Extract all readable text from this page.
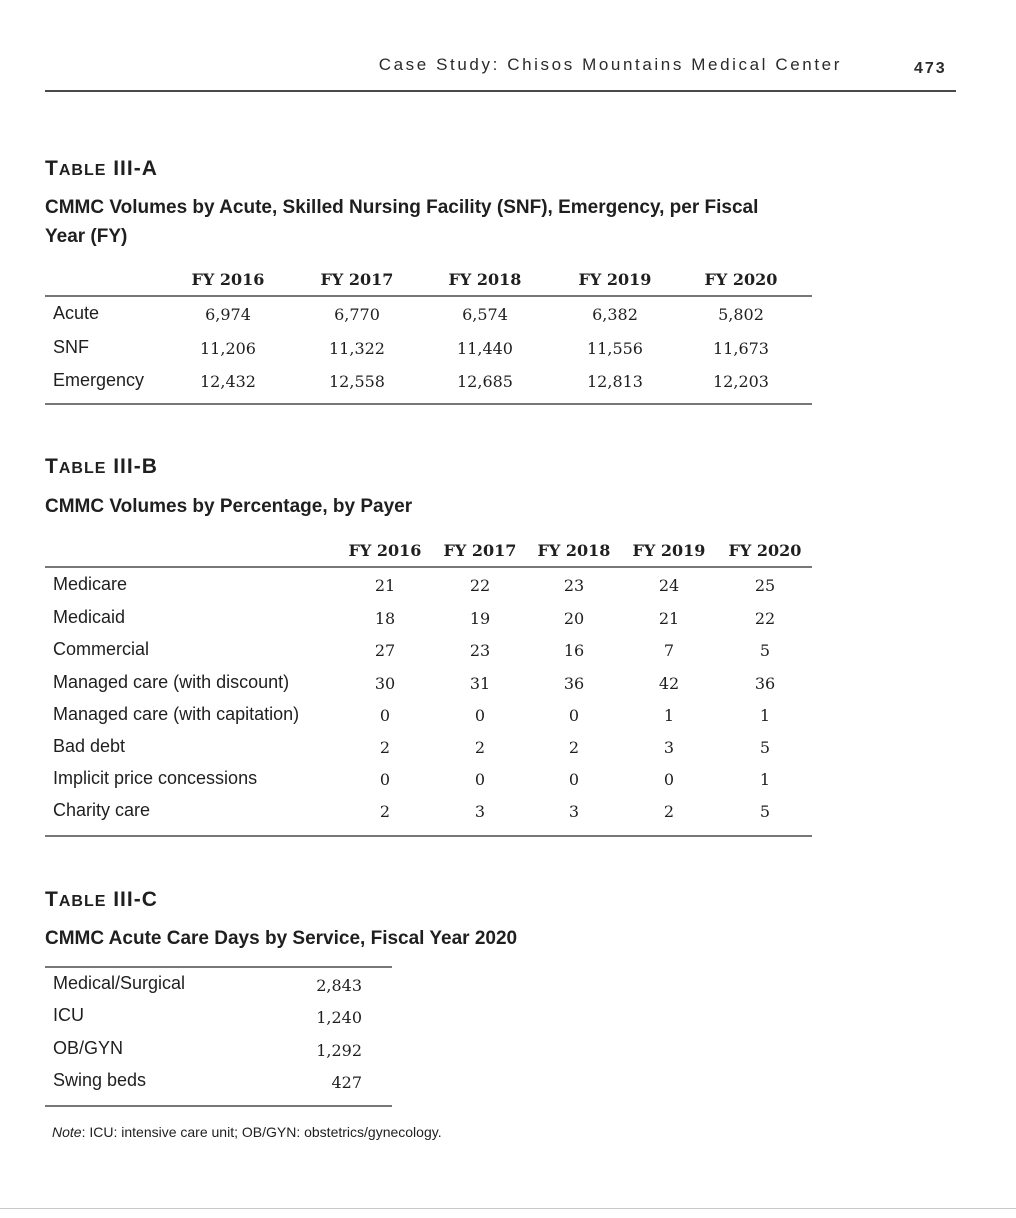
Case Study: Chisos Mountains Medical Center	473
TABLE III-A
CMMC Volumes by Acute, Skilled Nursing Facility (SNF), Emergency, per Fiscal
Year (FY)
FY 2016	FY 2017	FY 2018	FY 2019	FY 2020
Acute	6,974	6,770	6,574	6,382	5,802
SNF	11,206	11,322	11,440	11,556	11,673
Emergency	12,432	12,558	12,685	12,813	12,203
TABLE III-B
CMMC Volumes by Percentage, by Payer
FY 2016	FY 2017	FY 2018	FY 2019	FY 2020
Medicare	21	22	23	24	25
Medicaid	18	19	20	21	22
Commercial	27	23	16	7	5
Managed care (with discount)	30	31	36	42	36
Managed care (with capitation)	0	0	0	1	1
Bad debt	2	2	2	3	5
Implicit price concessions	0	0	0	0	1
Charity care	2	3	3	2	5
TABLE III-C
CMMC Acute Care Days by Service, Fiscal Year 2020
Medical/Surgical	2,843
ICU	1,240
OB/GYN	1,292
Swing beds	427
Note: ICU: intensive care unit; OB/GYN: obstetrics/gynecology.
